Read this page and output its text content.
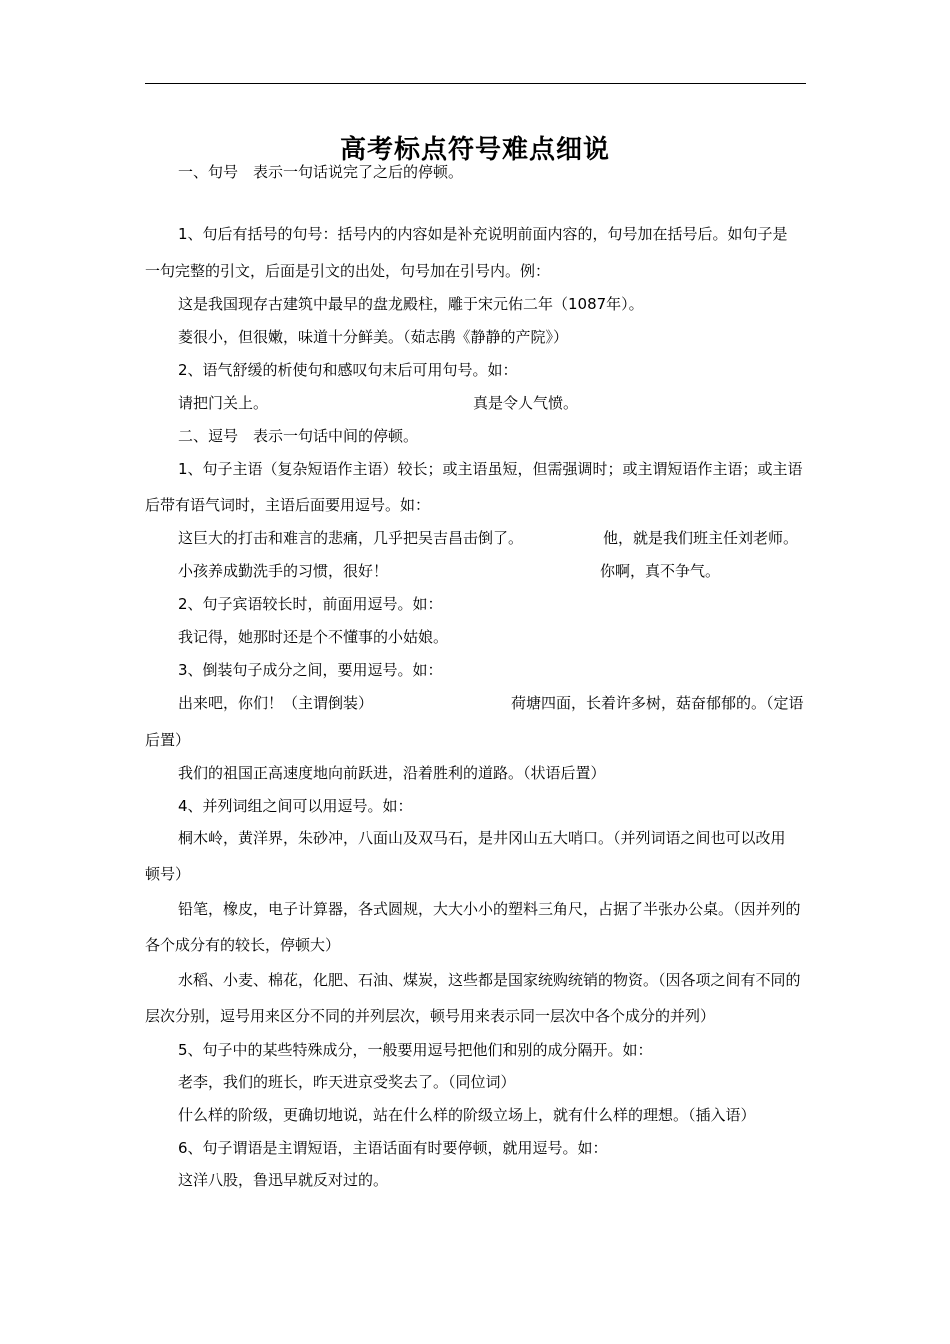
高考标点符号难点细说
一、句号　表示一句话说完了之后的停顿。
1、句后有括号的句号：括号内的内容如是补充说明前面内容的，句号加在括号后。如句子是
一句完整的引文，后面是引文的出处，句号加在引号内。例：
这是我国现存古建筑中最早的盘龙殿柱，雕于宋元佑二年（1087年）。
菱很小，但很嫩，味道十分鲜美。（茹志鹃《静静的产院》）
2、语气舒缓的析使句和感叹句末后可用句号。如：
请把门关上。	真是令人气愤。
二、逗号　表示一句话中间的停顿。
1、句子主语（复杂短语作主语）较长；或主语虽短，但需强调时；或主谓短语作主语；或主语
后带有语气词时，主语后面要用逗号。如：
这巨大的打击和难言的悲痛，几乎把吴吉昌击倒了。	他，就是我们班主任刘老师。
小孩养成勤洗手的习惯，很好！	你啊，真不争气。
2、句子宾语较长时，前面用逗号。如：
我记得，她那时还是个不懂事的小姑娘。
3、倒装句子成分之间，要用逗号。如：
出来吧，你们！（主谓倒装）	荷塘四面，长着许多树，菇奋郁郁的。（定语
后置）
我们的祖国正高速度地向前跃进，沿着胜利的道路。（状语后置）
4、并列词组之间可以用逗号。如：
桐木岭，黄洋界，朱砂冲，八面山及双马石，是井冈山五大哨口。（并列词语之间也可以改用
顿号）
铅笔，橡皮，电子计算器，各式圆规，大大小小的塑料三角尺，占据了半张办公桌。（因并列的
各个成分有的较长，停顿大）
水稻、小麦、棉花，化肥、石油、煤炭，这些都是国家统购统销的物资。（因各项之间有不同的
层次分别，逗号用来区分不同的并列层次，顿号用来表示同一层次中各个成分的并列）
5、句子中的某些特殊成分，一般要用逗号把他们和别的成分隔开。如：
老李，我们的班长，昨天进京受奖去了。（同位词）
什么样的阶级，更确切地说，站在什么样的阶级立场上，就有什么样的理想。（插入语）
6、句子谓语是主谓短语，主语话面有时要停顿，就用逗号。如：
这洋八股，鲁迅早就反对过的。
